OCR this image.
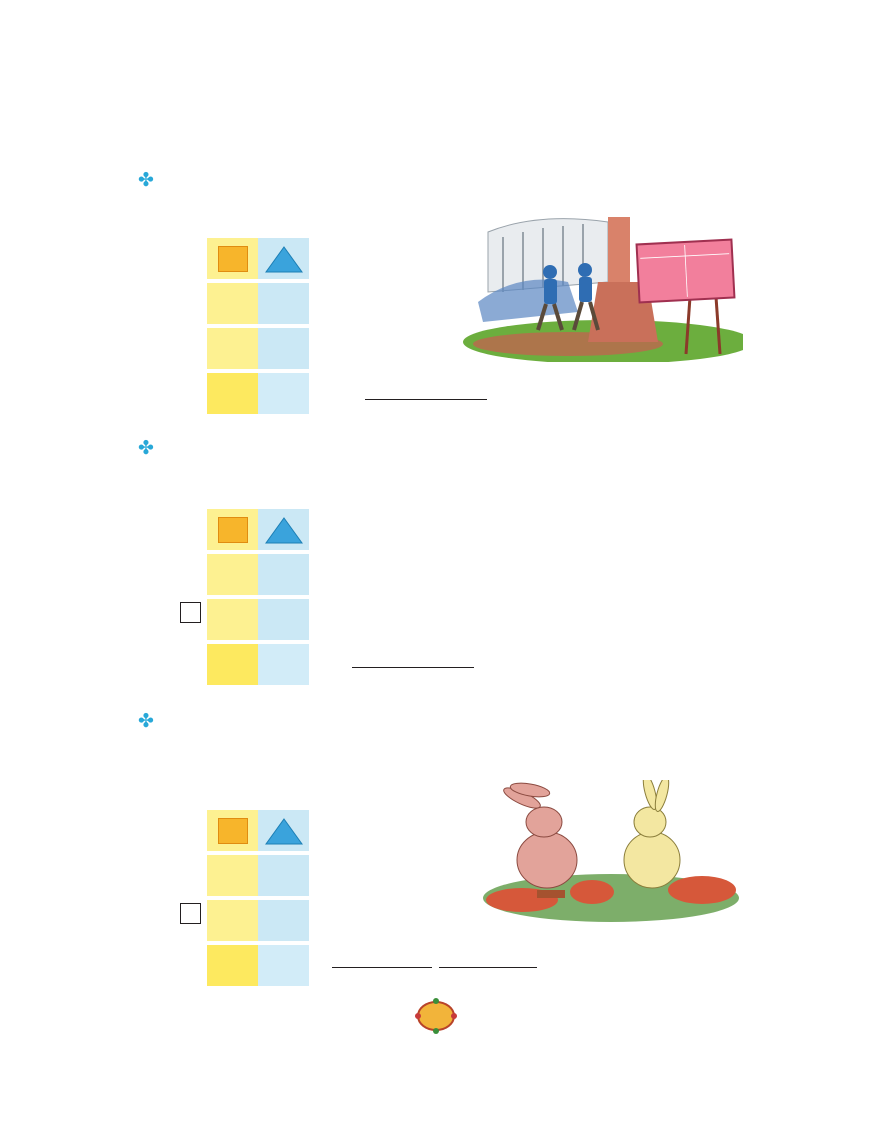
✤
✤
✤
